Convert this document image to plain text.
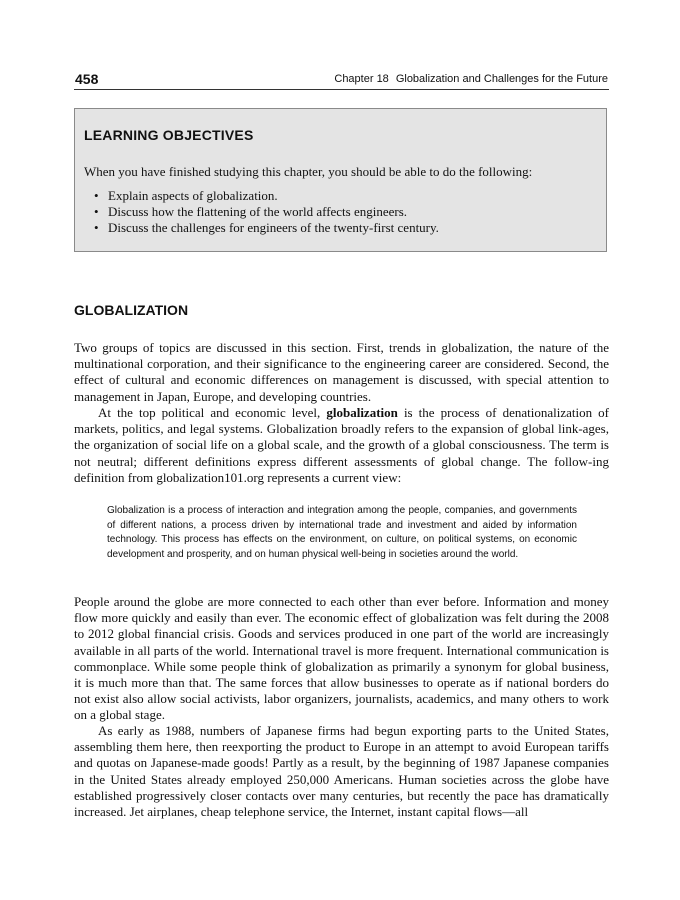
458	Chapter 18 Globalization and Challenges for the Future
LEARNING OBJECTIVES
When you have finished studying this chapter, you should be able to do the following:
• Explain aspects of globalization.
• Discuss how the flattening of the world affects engineers.
• Discuss the challenges for engineers of the twenty-first century.
GLOBALIZATION

Two groups of topics are discussed in this section. First, trends in globalization, the nature of the multinational corporation, and their significance to the engineering career are considered. Second, the effect of cultural and economic differences on management is discussed, with special attention to management in Japan, Europe, and developing countries.

At the top political and economic level, globalization is the process of denationalization of markets, politics, and legal systems. Globalization broadly refers to the expansion of global link-ages, the organization of social life on a global scale, and the growth of a global consciousness. The term is not neutral; different definitions express different assessments of global change. The follow-ing definition from globalization101.org represents a current view:

Globalization is a process of interaction and integration among the people, companies, and governments of different nations, a process driven by international trade and investment and aided by information technology. This process has effects on the environment, on culture, on political systems, on economic development and prosperity, and on human physical well-being in societies around the world.

People around the globe are more connected to each other than ever before. Information and money flow more quickly and easily than ever. The economic effect of globalization was felt during the 2008 to 2012 global financial crisis. Goods and services produced in one part of the world are increasingly available in all parts of the world. International travel is more frequent. International communication is commonplace. While some people think of globalization as primarily a synonym for global business, it is much more than that. The same forces that allow businesses to operate as if national borders do not exist also allow social activists, labor organizers, journalists, academics, and many others to work on a global stage.

As early as 1988, numbers of Japanese firms had begun exporting parts to the United States, assembling them here, then reexporting the product to Europe in an attempt to avoid European tariffs and quotas on Japanese-made goods! Partly as a result, by the beginning of 1987 Japanese companies in the United States already employed 250,000 Americans. Human societies across the globe have established progressively closer contacts over many centuries, but recently the pace has dramatically increased. Jet airplanes, cheap telephone service, the Internet, instant capital flows—all
